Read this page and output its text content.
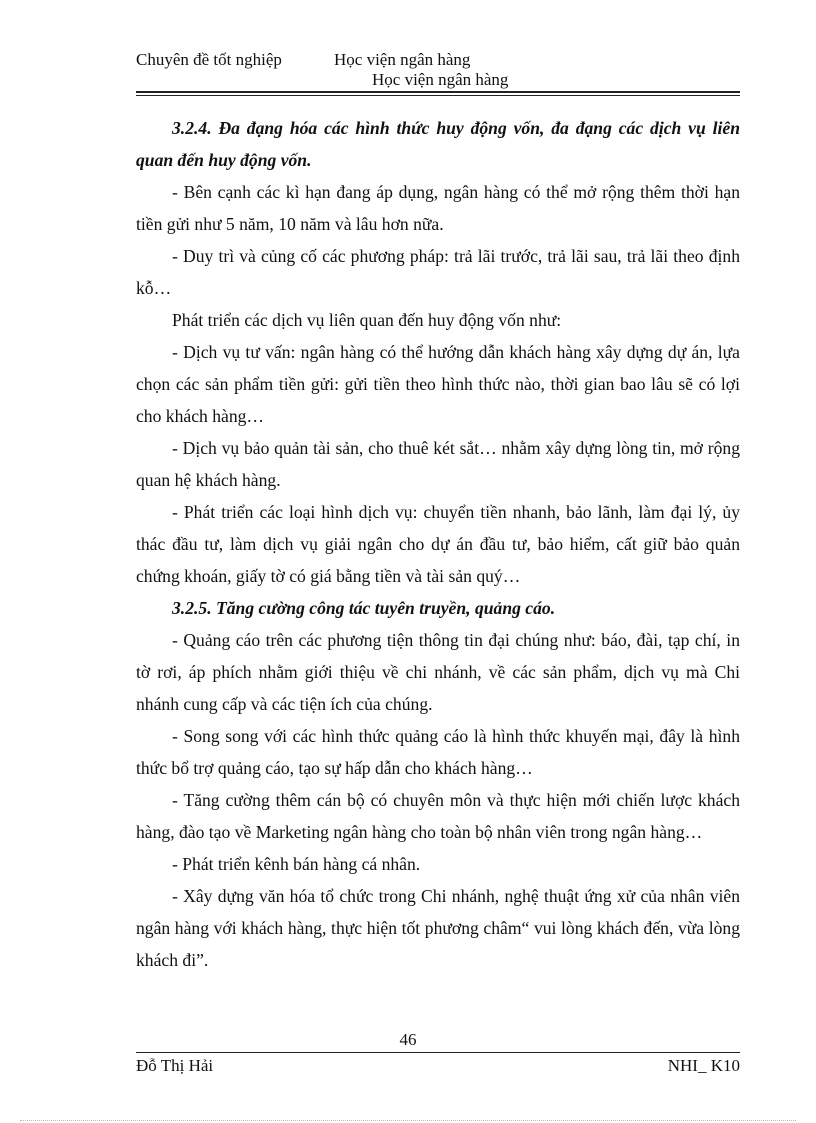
Chuyên đề tốt nghiệp	Học viện ngân hàng
Học viện ngân hàng

3.2.4. Đa đạng hóa các hình thức huy động vốn, đa đạng các dịch vụ liên quan đến huy động vốn.

- Bên cạnh các kì hạn đang áp dụng, ngân hàng có thể mở rộng thêm thời hạn tiền gửi như 5 năm, 10 năm và lâu hơn nữa.

- Duy trì và củng cố các phương pháp: trả lãi trước, trả lãi sau, trả lãi theo định kỗ…

Phát triển các dịch vụ liên quan đến huy động vốn như:

- Dịch vụ tư vấn: ngân hàng có thể hướng dẫn khách hàng xây dựng dự án, lựa chọn các sản phẩm tiền gửi: gửi tiền theo hình thức nào, thời gian bao lâu sẽ có lợi cho khách hàng…

- Dịch vụ bảo quản tài sản, cho thuê két sắt… nhằm xây dựng lòng tin, mở rộng quan hệ khách hàng.

- Phát triển các loại hình dịch vụ: chuyển tiền nhanh, bảo lãnh, làm đại lý, ủy thác đầu tư, làm dịch vụ giải ngân cho dự án đầu tư, bảo hiểm, cất giữ bảo quản chứng khoán, giấy tờ có giá bằng tiền và tài sản quý…

3.2.5. Tăng cường công tác tuyên truyền, quảng cáo.

- Quảng cáo trên các phương tiện thông tin đại chúng như: báo, đài, tạp chí, in tờ rơi, áp phích nhằm giới thiệu về chi nhánh, về các sản phẩm, dịch vụ mà Chi nhánh cung cấp và các tiện ích của chúng.

- Song song với các hình thức quảng cáo là hình thức khuyến mại, đây là hình thức bổ trợ quảng cáo, tạo sự hấp dẫn cho khách hàng…

- Tăng cường thêm cán bộ có chuyên môn và thực hiện mới chiến lược khách hàng, đào tạo về Marketing ngân hàng cho toàn bộ nhân viên trong ngân hàng…

- Phát triển kênh bán hàng cá nhân.

- Xây dựng văn hóa tổ chức trong Chi nhánh, nghệ thuật ứng xử của nhân viên ngân hàng với khách hàng, thực hiện tốt phương châm“ vui lòng khách đến, vừa lòng khách đi”.

46
Đỗ Thị Hải	NHI_ K10
